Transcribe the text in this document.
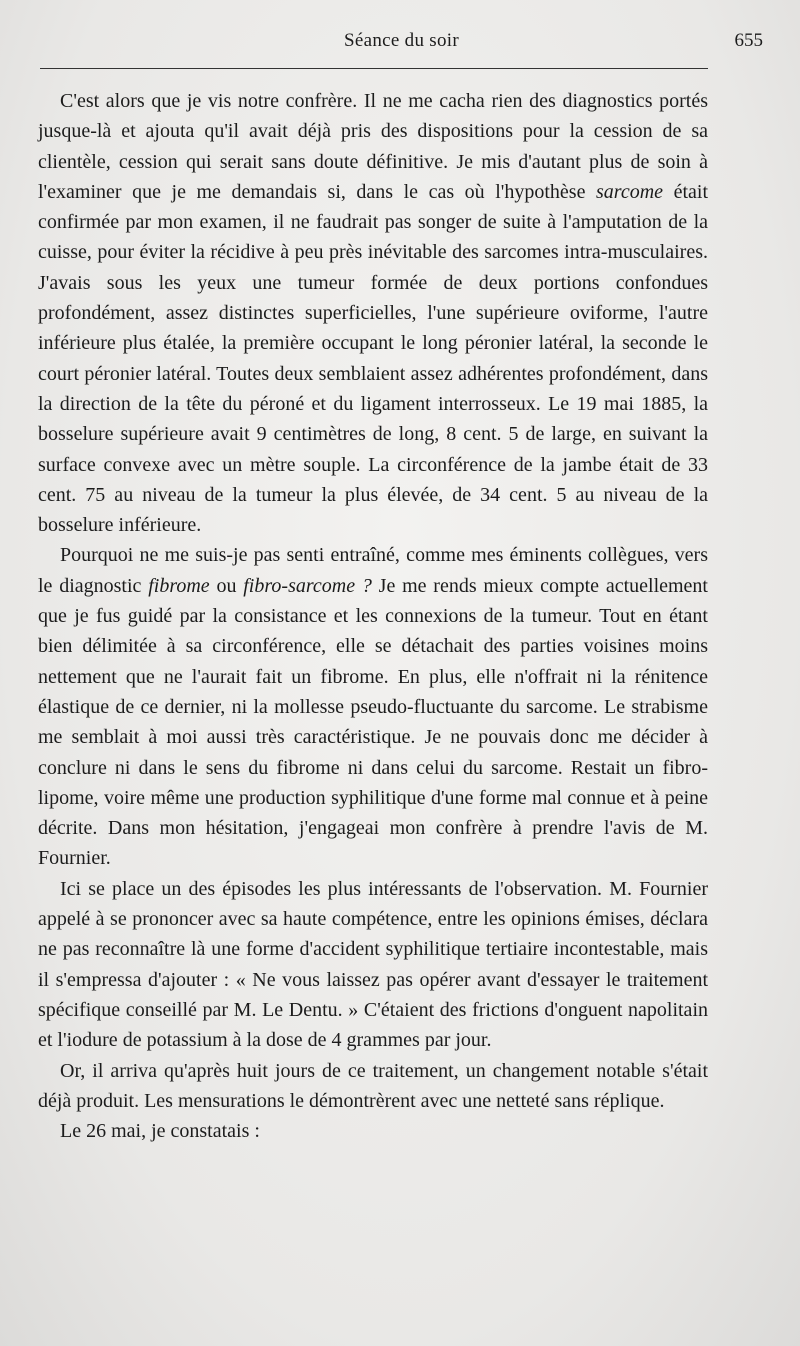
Séance du soir	655

C'est alors que je vis notre confrère. Il ne me cacha rien des diagnostics portés jusque-là et ajouta qu'il avait déjà pris des dispositions pour la cession de sa clientèle, cession qui serait sans doute définitive. Je mis d'autant plus de soin à l'examiner que je me demandais si, dans le cas où l'hypothèse sarcome était confirmée par mon examen, il ne faudrait pas songer de suite à l'amputation de la cuisse, pour éviter la récidive à peu près inévitable des sarcomes intra-musculaires. J'avais sous les yeux une tumeur formée de deux portions confondues profondément, assez distinctes superficielles, l'une supérieure oviforme, l'autre inférieure plus étalée, la première occupant le long péronier latéral, la seconde le court péronier latéral. Toutes deux semblaient assez adhérentes profondément, dans la direction de la tête du péroné et du ligament interrosseux. Le 19 mai 1885, la bosselure supérieure avait 9 centimètres de long, 8 cent. 5 de large, en suivant la surface convexe avec un mètre souple. La circonférence de la jambe était de 33 cent. 75 au niveau de la tumeur la plus élevée, de 34 cent. 5 au niveau de la bosselure inférieure.

Pourquoi ne me suis-je pas senti entraîné, comme mes éminents collègues, vers le diagnostic fibrome ou fibro-sarcome ? Je me rends mieux compte actuellement que je fus guidé par la consistance et les connexions de la tumeur. Tout en étant bien délimitée à sa circonférence, elle se détachait des parties voisines moins nettement que ne l'aurait fait un fibrome. En plus, elle n'offrait ni la rénitence élastique de ce dernier, ni la mollesse pseudo-fluctuante du sarcome. Le strabisme me semblait à moi aussi très caractéristique. Je ne pouvais donc me décider à conclure ni dans le sens du fibrome ni dans celui du sarcome. Restait un fibro-lipome, voire même une production syphilitique d'une forme mal connue et à peine décrite. Dans mon hésitation, j'engageai mon confrère à prendre l'avis de M. Fournier.

Ici se place un des épisodes les plus intéressants de l'observation. M. Fournier appelé à se prononcer avec sa haute compétence, entre les opinions émises, déclara ne pas reconnaître là une forme d'accident syphilitique tertiaire incontestable, mais il s'empressa d'ajouter : « Ne vous laissez pas opérer avant d'essayer le traitement spécifique conseillé par M. Le Dentu. » C'étaient des frictions d'onguent napolitain et l'iodure de potassium à la dose de 4 grammes par jour.

Or, il arriva qu'après huit jours de ce traitement, un changement notable s'était déjà produit. Les mensurations le démontrèrent avec une netteté sans réplique.

Le 26 mai, je constatais :
